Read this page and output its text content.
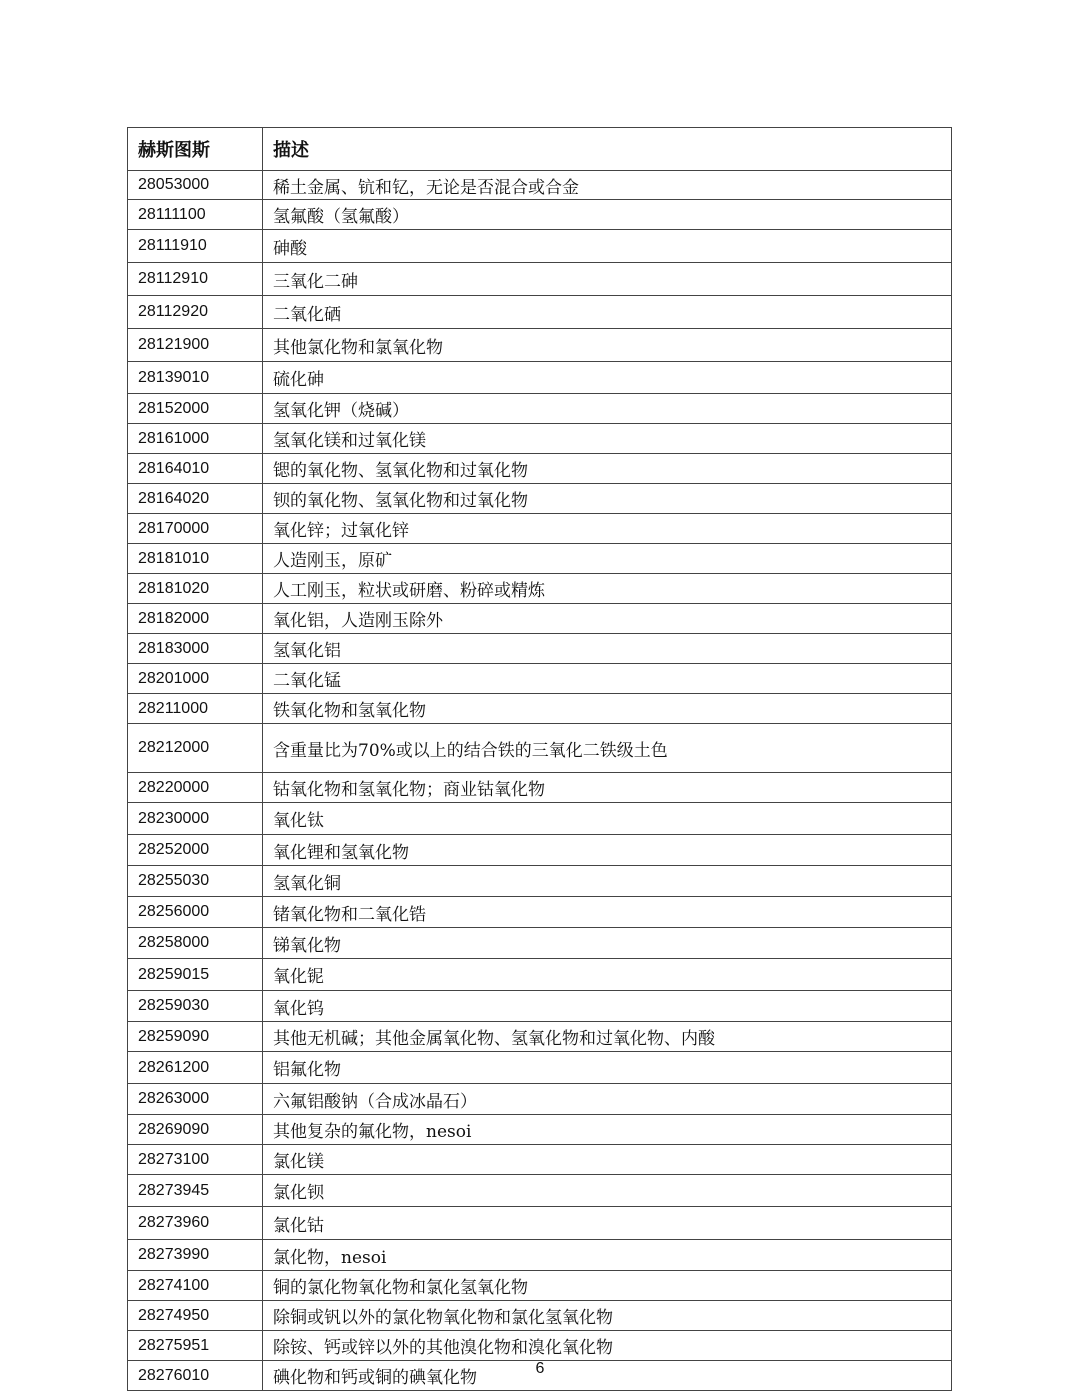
赫斯图斯	描述
28053000	稀土金属、钪和钇，无论是否混合或合金
28111100	氢氟酸（氢氟酸）
28111910	砷酸
28112910	三氧化二砷
28112920	二氧化硒
28121900	其他氯化物和氯氧化物
28139010	硫化砷
28152000	氢氧化钾（烧碱）
28161000	氢氧化镁和过氧化镁
28164010	锶的氧化物、氢氧化物和过氧化物
28164020	钡的氧化物、氢氧化物和过氧化物
28170000	氧化锌；过氧化锌
28181010	人造刚玉，原矿
28181020	人工刚玉，粒状或研磨、粉碎或精炼
28182000	氧化铝，人造刚玉除外
28183000	氢氧化铝
28201000	二氧化锰
28211000	铁氧化物和氢氧化物
28212000	含重量比为70%或以上的结合铁的三氧化二铁级土色
28220000	钴氧化物和氢氧化物；商业钴氧化物
28230000	氧化钛
28252000	氧化锂和氢氧化物
28255030	氢氧化铜
28256000	锗氧化物和二氧化锆
28258000	锑氧化物
28259015	氧化铌
28259030	氧化钨
28259090	其他无机碱；其他金属氧化物、氢氧化物和过氧化物、内酸
28261200	铝氟化物
28263000	六氟铝酸钠（合成冰晶石）
28269090	其他复杂的氟化物，nesoi
28273100	氯化镁
28273945	氯化钡
28273960	氯化钴
28273990	氯化物，nesoi
28274100	铜的氯化物氧化物和氯化氢氧化物
28274950	除铜或钒以外的氯化物氧化物和氯化氢氧化物
28275951	除铵、钙或锌以外的其他溴化物和溴化氧化物
28276010	碘化物和钙或铜的碘氧化物	6
